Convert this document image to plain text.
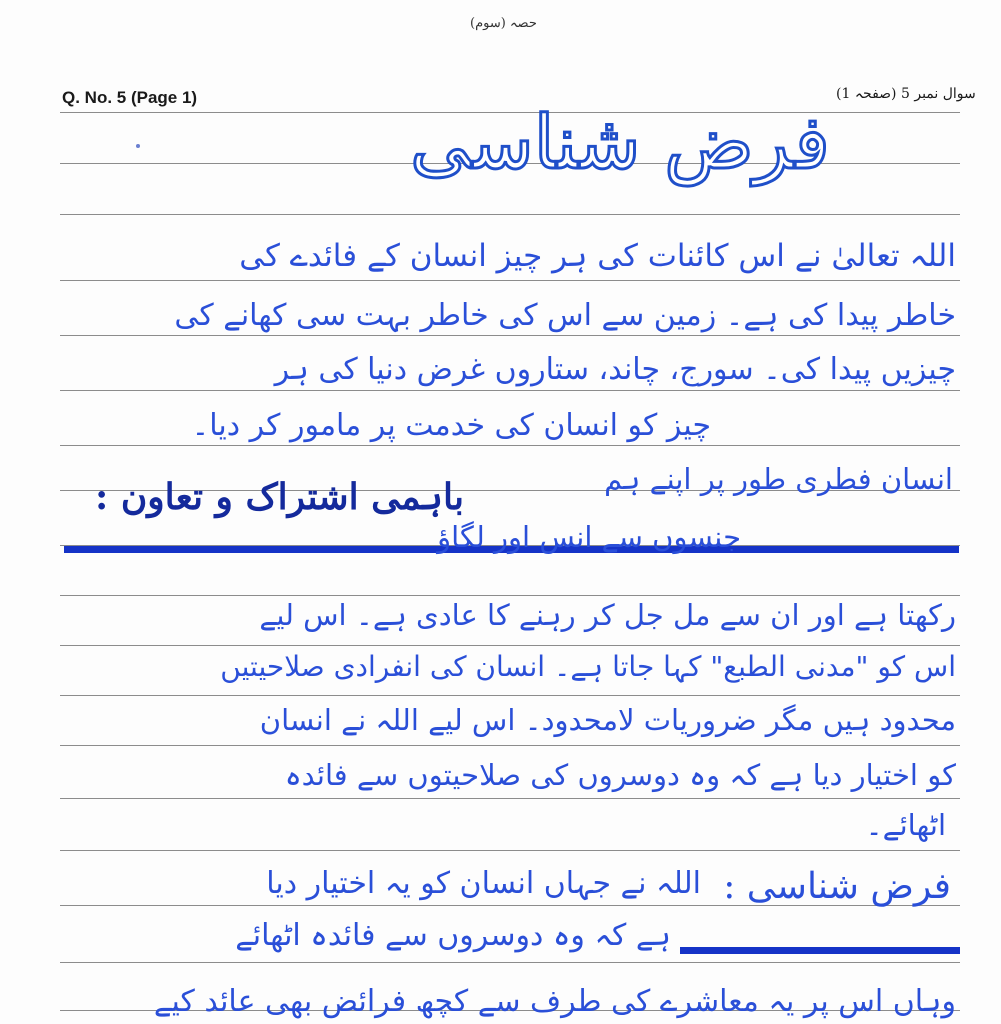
حصہ (سوم)
Q. No. 5 (Page 1)	سوال نمبر 5 (صفحہ 1)
فرض شناسی
اللہ تعالیٰ نے اس کائنات کی ہر چیز انسان کے فائدے کی
خاطر پیدا کی ہے۔ زمین سے اس کی خاطر بہت سی کھانے کی
چیزیں پیدا کی۔ سورج، چاند، ستاروں غرض دنیا کی ہر
چیز کو انسان کی خدمت پر مامور کر دیا۔
باہمی اشتراک و تعاون :	انسان فطری طور پر اپنے ہم
جنسوں سے انس اور لگاؤ
رکھتا ہے اور ان سے مل جل کر رہنے کا عادی ہے۔ اس لیے
اس کو "مدنی الطبع" کہا جاتا ہے۔ انسان کی انفرادی صلاحیتیں
محدود ہیں مگر ضروریات لامحدود۔ اس لیے اللہ نے انسان
کو اختیار دیا ہے کہ وہ دوسروں کی صلاحیتوں سے فائدہ
اٹھائے۔
فرض شناسی :
اللہ نے جہاں انسان کو یہ اختیار دیا
ہے کہ وہ دوسروں سے فائدہ اٹھائے
وہاں اس پر یہ معاشرے کی طرف سے کچھ فرائض بھی عائد کیے
